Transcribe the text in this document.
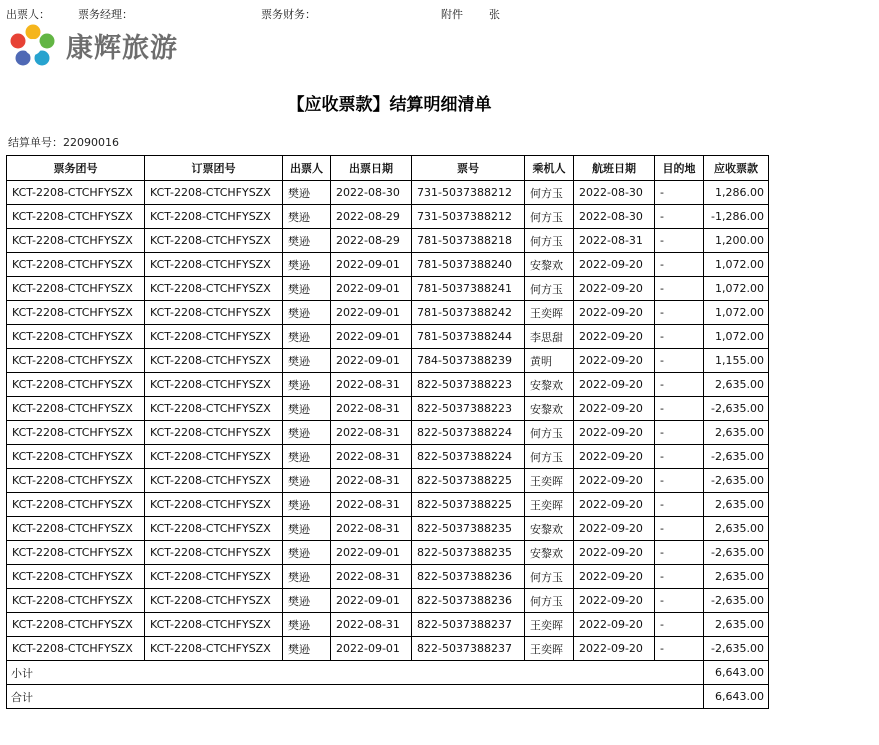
出票人：	票务经理：	票务财务：	附件 张
康辉旅游
【应收票款】结算明细清单
结算单号：22090016
票务团号	订票团号	出票人	出票日期	票号	乘机人	航班日期	目的地	应收票款
KCT-2208-CTCHFYSZX	KCT-2208-CTCHFYSZX	樊逊	2022-08-30	731-5037388212	何方玉	2022-08-30	-	1,286.00
KCT-2208-CTCHFYSZX	KCT-2208-CTCHFYSZX	樊逊	2022-08-29	731-5037388212	何方玉	2022-08-30	-	-1,286.00
KCT-2208-CTCHFYSZX	KCT-2208-CTCHFYSZX	樊逊	2022-08-29	781-5037388218	何方玉	2022-08-31	-	1,200.00
KCT-2208-CTCHFYSZX	KCT-2208-CTCHFYSZX	樊逊	2022-09-01	781-5037388240	安黎欢	2022-09-20	-	1,072.00
KCT-2208-CTCHFYSZX	KCT-2208-CTCHFYSZX	樊逊	2022-09-01	781-5037388241	何方玉	2022-09-20	-	1,072.00
KCT-2208-CTCHFYSZX	KCT-2208-CTCHFYSZX	樊逊	2022-09-01	781-5037388242	王奕晖	2022-09-20	-	1,072.00
KCT-2208-CTCHFYSZX	KCT-2208-CTCHFYSZX	樊逊	2022-09-01	781-5037388244	李思甜	2022-09-20	-	1,072.00
KCT-2208-CTCHFYSZX	KCT-2208-CTCHFYSZX	樊逊	2022-09-01	784-5037388239	黄明	2022-09-20	-	1,155.00
KCT-2208-CTCHFYSZX	KCT-2208-CTCHFYSZX	樊逊	2022-08-31	822-5037388223	安黎欢	2022-09-20	-	2,635.00
KCT-2208-CTCHFYSZX	KCT-2208-CTCHFYSZX	樊逊	2022-08-31	822-5037388223	安黎欢	2022-09-20	-	-2,635.00
KCT-2208-CTCHFYSZX	KCT-2208-CTCHFYSZX	樊逊	2022-08-31	822-5037388224	何方玉	2022-09-20	-	2,635.00
KCT-2208-CTCHFYSZX	KCT-2208-CTCHFYSZX	樊逊	2022-08-31	822-5037388224	何方玉	2022-09-20	-	-2,635.00
KCT-2208-CTCHFYSZX	KCT-2208-CTCHFYSZX	樊逊	2022-08-31	822-5037388225	王奕晖	2022-09-20	-	-2,635.00
KCT-2208-CTCHFYSZX	KCT-2208-CTCHFYSZX	樊逊	2022-08-31	822-5037388225	王奕晖	2022-09-20	-	2,635.00
KCT-2208-CTCHFYSZX	KCT-2208-CTCHFYSZX	樊逊	2022-08-31	822-5037388235	安黎欢	2022-09-20	-	2,635.00
KCT-2208-CTCHFYSZX	KCT-2208-CTCHFYSZX	樊逊	2022-09-01	822-5037388235	安黎欢	2022-09-20	-	-2,635.00
KCT-2208-CTCHFYSZX	KCT-2208-CTCHFYSZX	樊逊	2022-08-31	822-5037388236	何方玉	2022-09-20	-	2,635.00
KCT-2208-CTCHFYSZX	KCT-2208-CTCHFYSZX	樊逊	2022-09-01	822-5037388236	何方玉	2022-09-20	-	-2,635.00
KCT-2208-CTCHFYSZX	KCT-2208-CTCHFYSZX	樊逊	2022-08-31	822-5037388237	王奕晖	2022-09-20	-	2,635.00
KCT-2208-CTCHFYSZX	KCT-2208-CTCHFYSZX	樊逊	2022-09-01	822-5037388237	王奕晖	2022-09-20	-	-2,635.00
小计								6,643.00
合计								6,643.00
